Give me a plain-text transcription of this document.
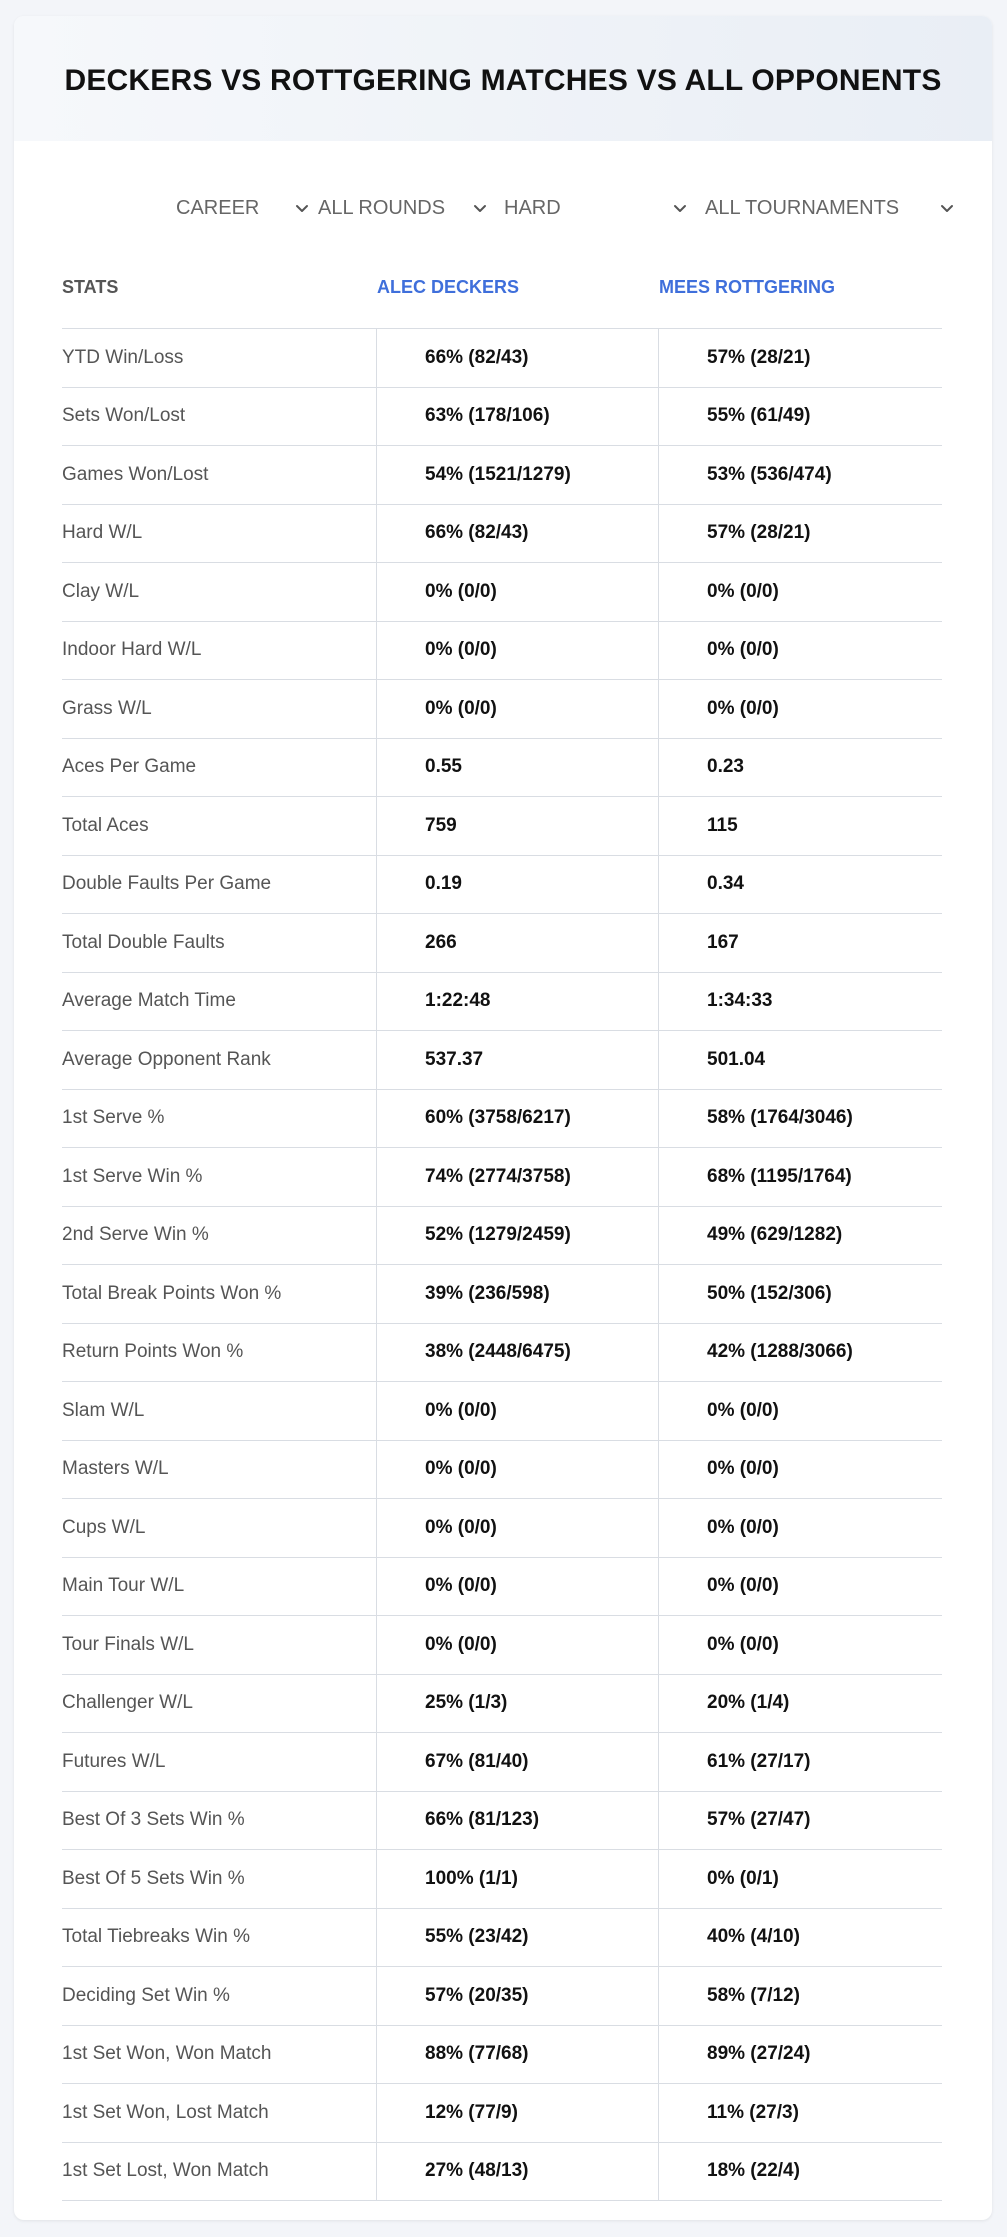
DECKERS VS ROTTGERING MATCHES VS ALL OPPONENTS
CAREER	ALL ROUNDS	HARD	ALL TOURNAMENTS
STATS	ALEC DECKERS	MEES ROTTGERING
YTD Win/Loss	66% (82/43)	57% (28/21)
Sets Won/Lost	63% (178/106)	55% (61/49)
Games Won/Lost	54% (1521/1279)	53% (536/474)
Hard W/L	66% (82/43)	57% (28/21)
Clay W/L	0% (0/0)	0% (0/0)
Indoor Hard W/L	0% (0/0)	0% (0/0)
Grass W/L	0% (0/0)	0% (0/0)
Aces Per Game	0.55	0.23
Total Aces	759	115
Double Faults Per Game	0.19	0.34
Total Double Faults	266	167
Average Match Time	1:22:48	1:34:33
Average Opponent Rank	537.37	501.04
1st Serve %	60% (3758/6217)	58% (1764/3046)
1st Serve Win %	74% (2774/3758)	68% (1195/1764)
2nd Serve Win %	52% (1279/2459)	49% (629/1282)
Total Break Points Won %	39% (236/598)	50% (152/306)
Return Points Won %	38% (2448/6475)	42% (1288/3066)
Slam W/L	0% (0/0)	0% (0/0)
Masters W/L	0% (0/0)	0% (0/0)
Cups W/L	0% (0/0)	0% (0/0)
Main Tour W/L	0% (0/0)	0% (0/0)
Tour Finals W/L	0% (0/0)	0% (0/0)
Challenger W/L	25% (1/3)	20% (1/4)
Futures W/L	67% (81/40)	61% (27/17)
Best Of 3 Sets Win %	66% (81/123)	57% (27/47)
Best Of 5 Sets Win %	100% (1/1)	0% (0/1)
Total Tiebreaks Win %	55% (23/42)	40% (4/10)
Deciding Set Win %	57% (20/35)	58% (7/12)
1st Set Won, Won Match	88% (77/68)	89% (27/24)
1st Set Won, Lost Match	12% (77/9)	11% (27/3)
1st Set Lost, Won Match	27% (48/13)	18% (22/4)
